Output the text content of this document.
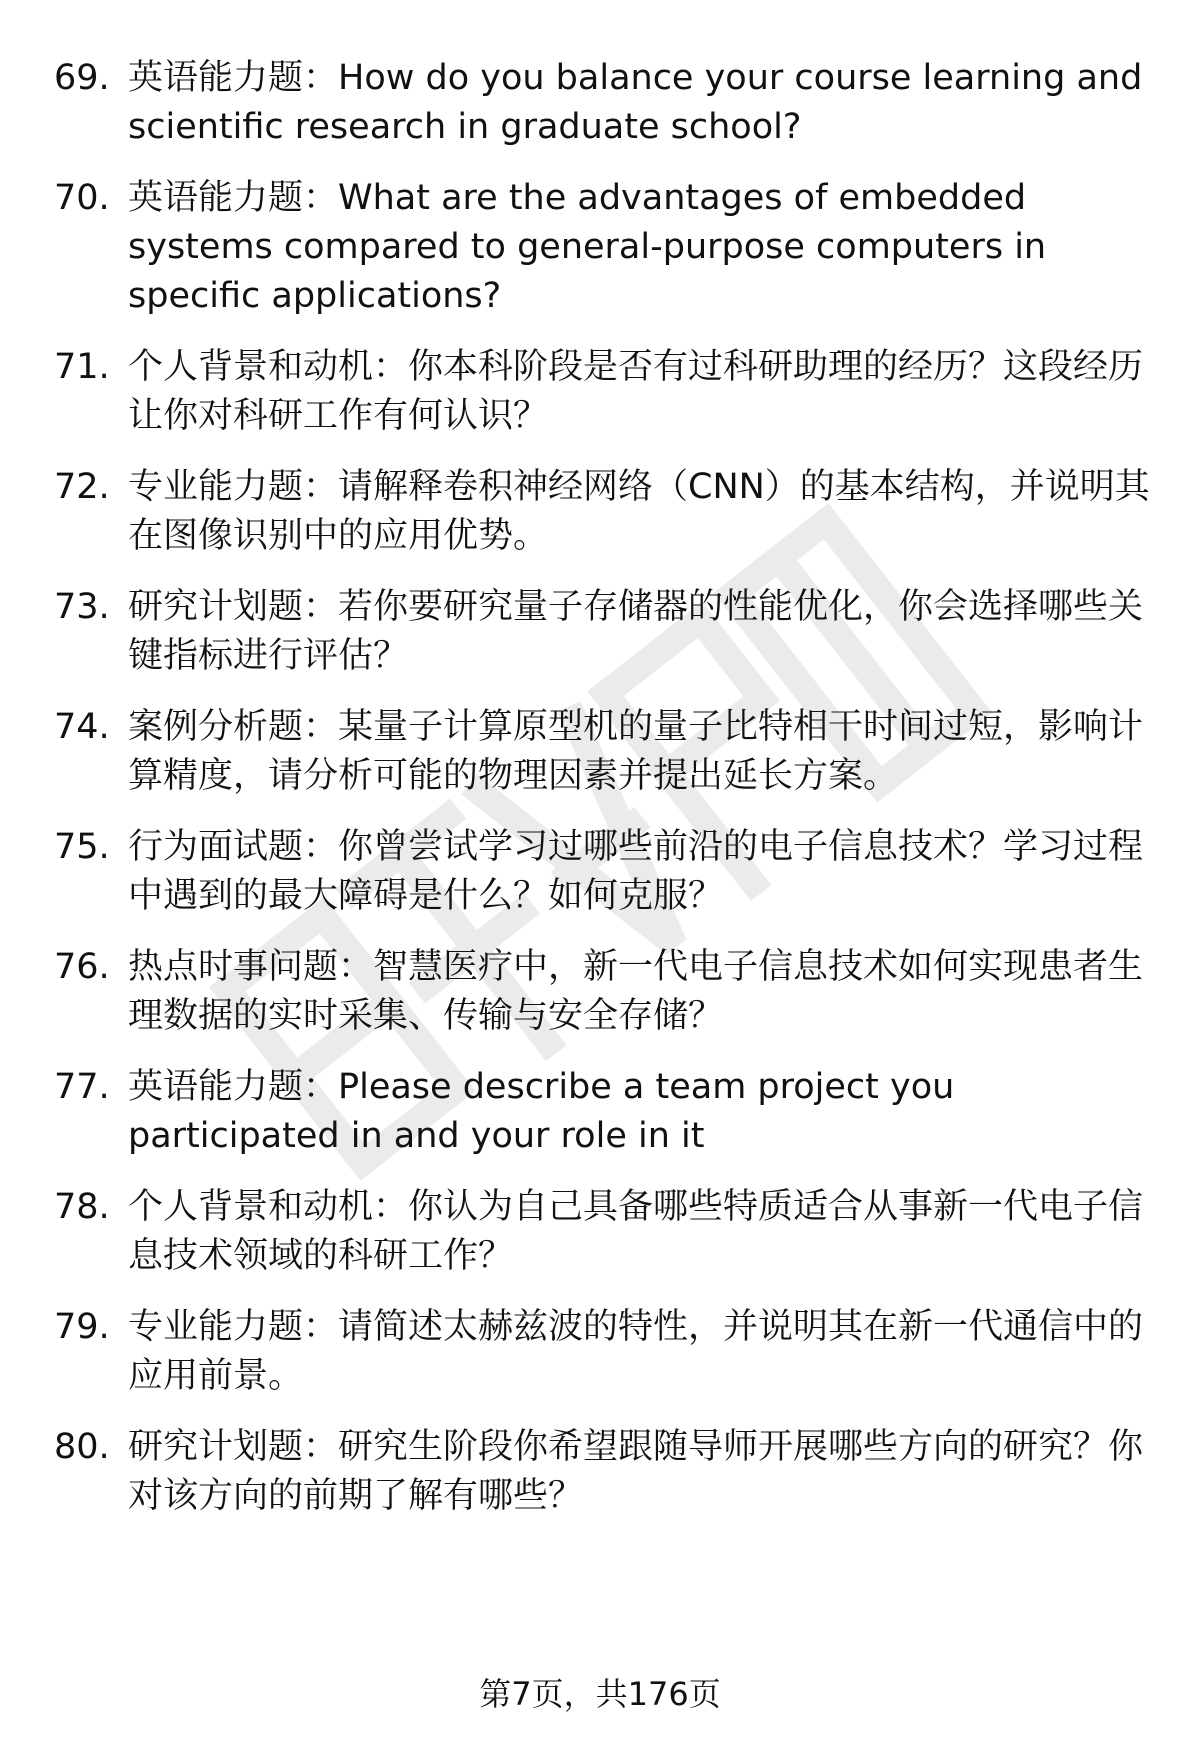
69. 英语能力题：How do you balance your course learning and scientific research in graduate school?
70. 英语能力题：What are the advantages of embedded systems compared to general-purpose computers in specific applications?
71. 个人背景和动机：你本科阶段是否有过科研助理的经历？这段经历让你对科研工作有何认识？
72. 专业能力题：请解释卷积神经网络（CNN）的基本结构，并说明其在图像识别中的应用优势。
73. 研究计划题：若你要研究量子存储器的性能优化，你会选择哪些关键指标进行评估？
74. 案例分析题：某量子计算原型机的量子比特相干时间过短，影响计算精度，请分析可能的物理因素并提出延长方案。
75. 行为面试题：你曾尝试学习过哪些前沿的电子信息技术？学习过程中遇到的最大障碍是什么？如何克服？
76. 热点时事问题：智慧医疗中，新一代电子信息技术如何实现患者生理数据的实时采集、传输与安全存储？
77. 英语能力题：Please describe a team project you participated in and your role in it
78. 个人背景和动机：你认为自己具备哪些特质适合从事新一代电子信息技术领域的科研工作？
79. 专业能力题：请简述太赫兹波的特性，并说明其在新一代通信中的应用前景。
80. 研究计划题：研究生阶段你希望跟随导师开展哪些方向的研究？你对该方向的前期了解有哪些？
第7页，共176页
